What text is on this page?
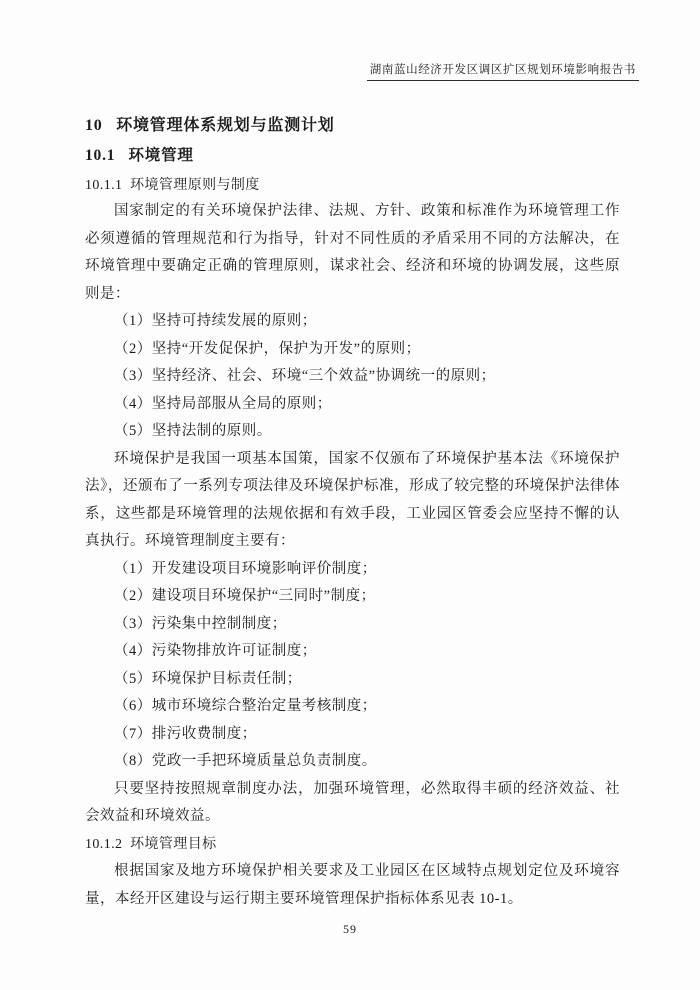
湖南蓝山经济开发区调区扩区规划环境影响报告书

10 环境管理体系规划与监测计划

10.1 环境管理

10.1.1 环境管理原则与制度

国家制定的有关环境保护法律、法规、方针、政策和标准作为环境管理工作必须遵循的管理规范和行为指导，针对不同性质的矛盾采用不同的方法解决，在环境管理中要确定正确的管理原则，谋求社会、经济和环境的协调发展，这些原则是：

（1）坚持可持续发展的原则；
（2）坚持“开发促保护，保护为开发”的原则；
（3）坚持经济、社会、环境“三个效益”协调统一的原则；
（4）坚持局部服从全局的原则；
（5）坚持法制的原则。

环境保护是我国一项基本国策，国家不仅颁布了环境保护基本法《环境保护法》，还颁布了一系列专项法律及环境保护标准，形成了较完整的环境保护法律体系，这些都是环境管理的法规依据和有效手段，工业园区管委会应坚持不懈的认真执行。环境管理制度主要有：

（1）开发建设项目环境影响评价制度；
（2）建设项目环境保护“三同时”制度；
（3）污染集中控制制度；
（4）污染物排放许可证制度；
（5）环境保护目标责任制；
（6）城市环境综合整治定量考核制度；
（7）排污收费制度；
（8）党政一手把环境质量总负责制度。

只要坚持按照规章制度办法，加强环境管理，必然取得丰硕的经济效益、社会效益和环境效益。

10.1.2 环境管理目标

根据国家及地方环境保护相关要求及工业园区在区域特点规划定位及环境容量，本经开区建设与运行期主要环境管理保护指标体系见表 10-1。

59
